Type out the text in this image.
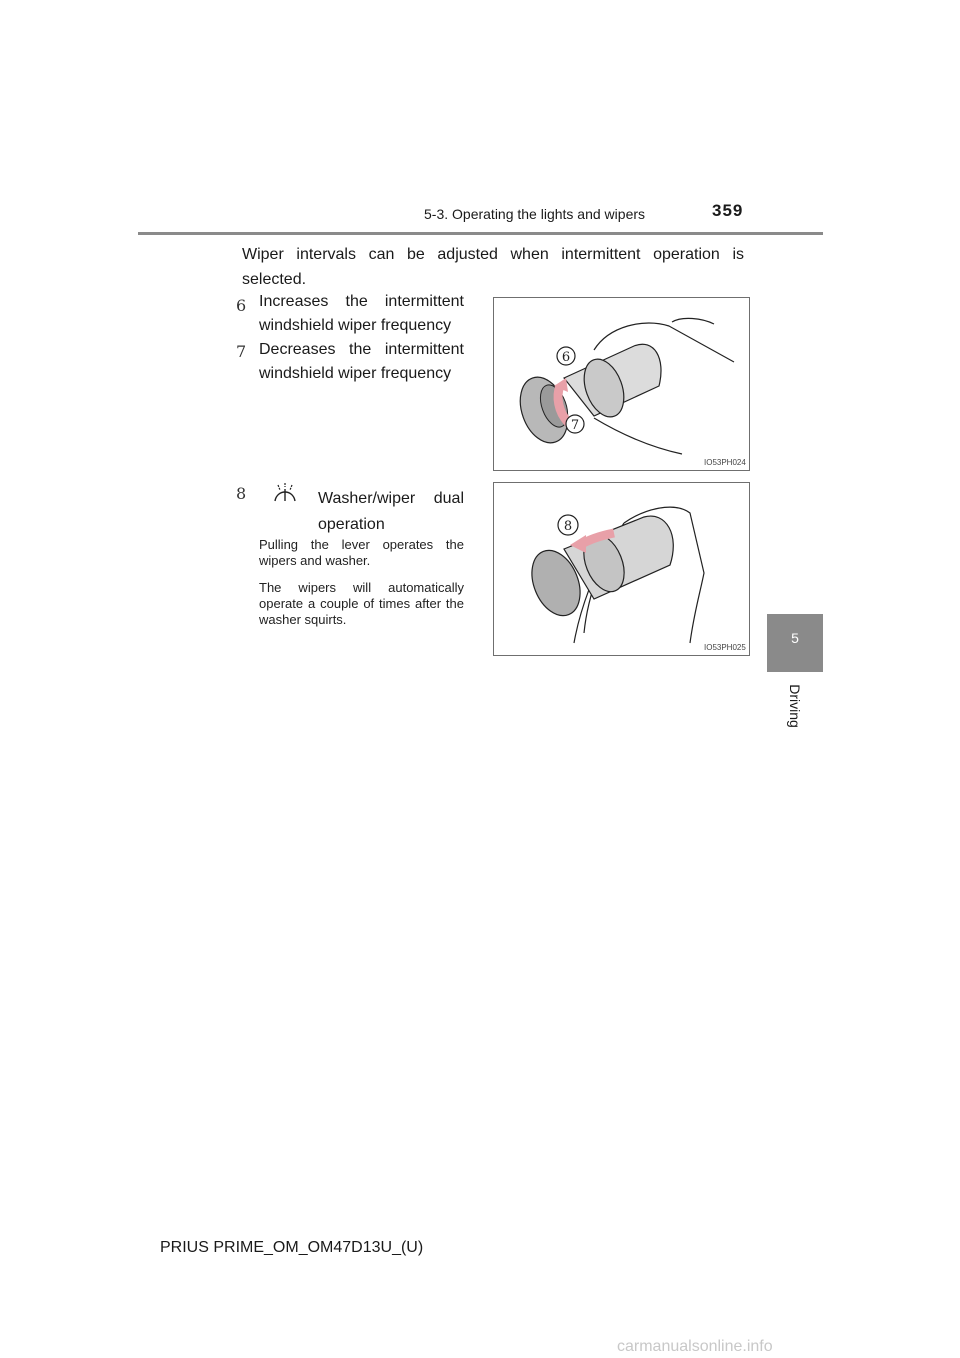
5-3. Operating the lights and wipers	359
5
Driving
Wiper intervals can be adjusted when intermittent operation is selected.
6 Increases the intermittent windshield wiper frequency
7 Decreases the intermittent windshield wiper frequency
6
7
IO53PH024
8	Washer/wiper dual operation
Pulling the lever operates the wipers and washer.
The wipers will automatically operate a couple of times after the washer squirts.
8
IO53PH025
PRIUS PRIME_OM_OM47D13U_(U)
carmanualsonline.info
